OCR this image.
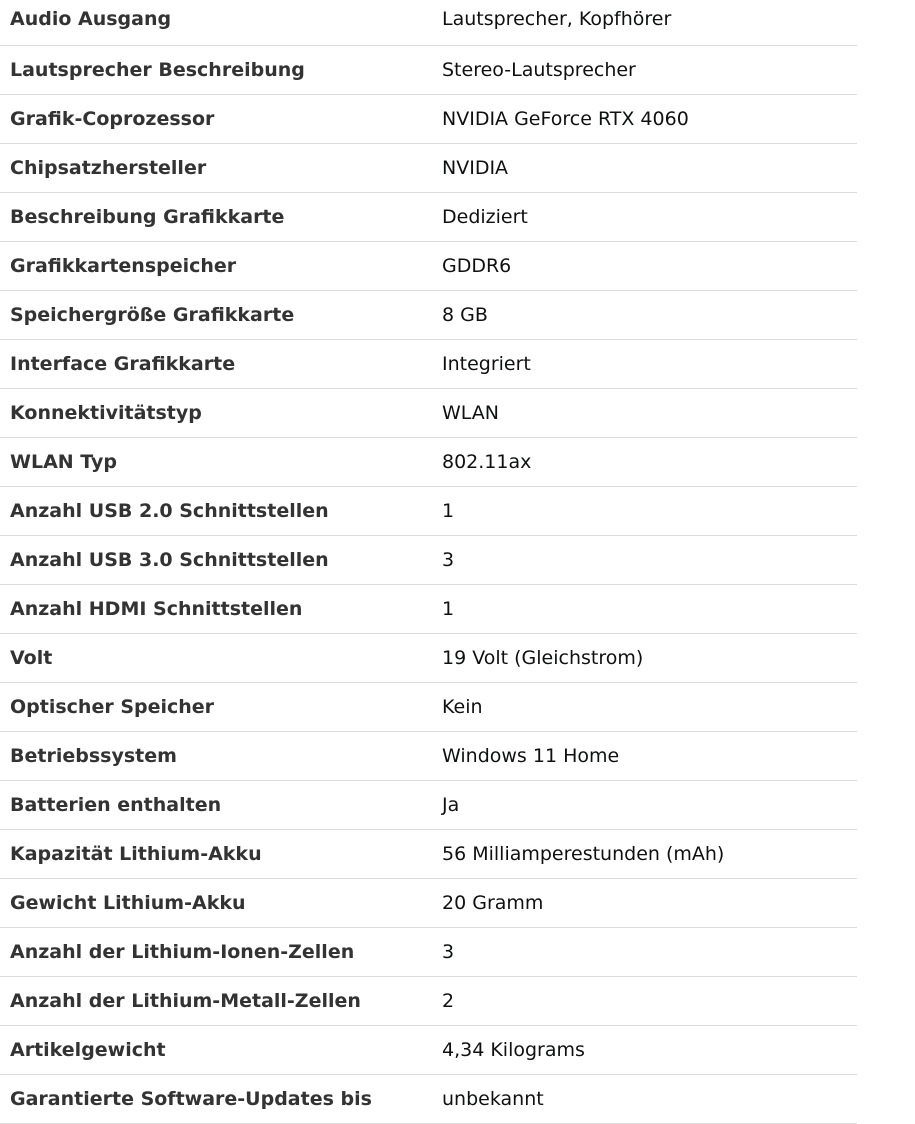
Audio Ausgang	Lautsprecher, Kopfhörer
Lautsprecher Beschreibung	Stereo-Lautsprecher
Grafik-Coprozessor	NVIDIA GeForce RTX 4060
Chipsatzhersteller	NVIDIA
Beschreibung Grafikkarte	Dediziert
Grafikkartenspeicher	GDDR6
Speichergröße Grafikkarte	8 GB
Interface Grafikkarte	Integriert
Konnektivitätstyp	WLAN
WLAN Typ	802.11ax
Anzahl USB 2.0 Schnittstellen	1
Anzahl USB 3.0 Schnittstellen	3
Anzahl HDMI Schnittstellen	1
Volt	19 Volt (Gleichstrom)
Optischer Speicher	Kein
Betriebssystem	Windows 11 Home
Batterien enthalten	Ja
Kapazität Lithium-Akku	56 Milliamperestunden (mAh)
Gewicht Lithium-Akku	20 Gramm
Anzahl der Lithium-Ionen-Zellen	3
Anzahl der Lithium-Metall-Zellen	2
Artikelgewicht	4,34 Kilograms
Garantierte Software-Updates bis	unbekannt
